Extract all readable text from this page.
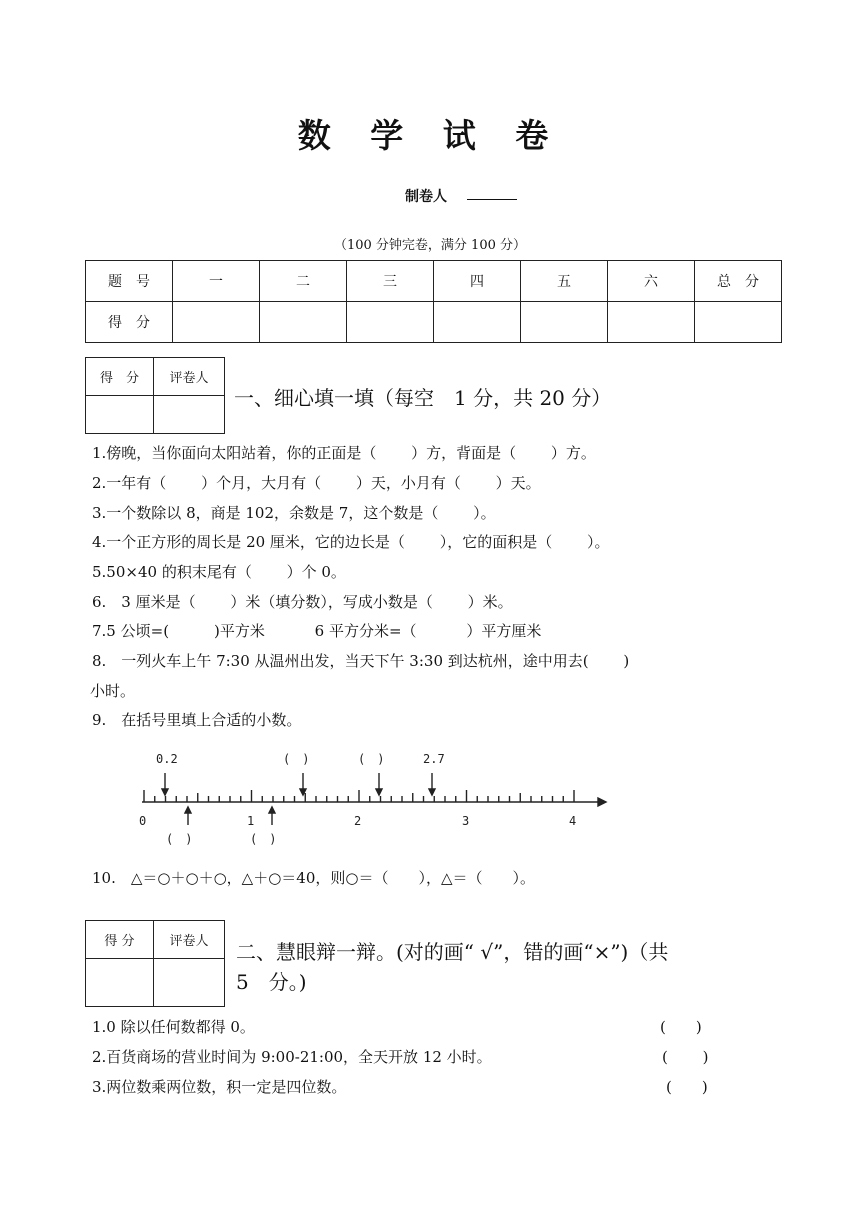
数 学 试 卷
制卷人
（100 分钟完卷，满分 100 分）
题　号	一	二	三	四	五	六	总　分
得　分							
得　分	评卷人

一、细心填一填（每空　1 分，共 20 分）
1.傍晚，当你面向太阳站着，你的正面是（　　 ）方，背面是（　　 ）方。
2.一年有（　　 ）个月，大月有（　　 ）天，小月有（　　 ）天。
3.一个数除以 8，商是 102，余数是 7，这个数是（　　 ）。
4.一个正方形的周长是 20 厘米，它的边长是（　　 ），它的面积是（　　 ）。
5.50×40 的积末尾有（　　 ）个 0。
6.　3 厘米是（　　 ）米（填分数），写成小数是（　　 ）米。
7.5 公顷=(　　　)平方米　　　 6 平方分米=（　　　 ）平方厘米
8.　一列火车上午 7:30 从温州出发，当天下午 3:30 到达杭州，途中用去(　　 )
小时。
9.　在括号里填上合适的小数。
0.2	(　)	(　)	2.7
(　)	(　)
0	1	2	3	4
10.　△＝○＋○＋○，△＋○＝40，则○＝（　　），△＝（　　）。
得 分	评卷人
	二、慧眼辩一辩。(对的画“ √”，错的画“×”)（共
5　分。)
1.0 除以任何数都得 0。	(　　)
2.百货商场的营业时间为 9:00-21:00，全天开放 12 小时。	(　　 )
3.两位数乘两位数，积一定是四位数。	(　　)
